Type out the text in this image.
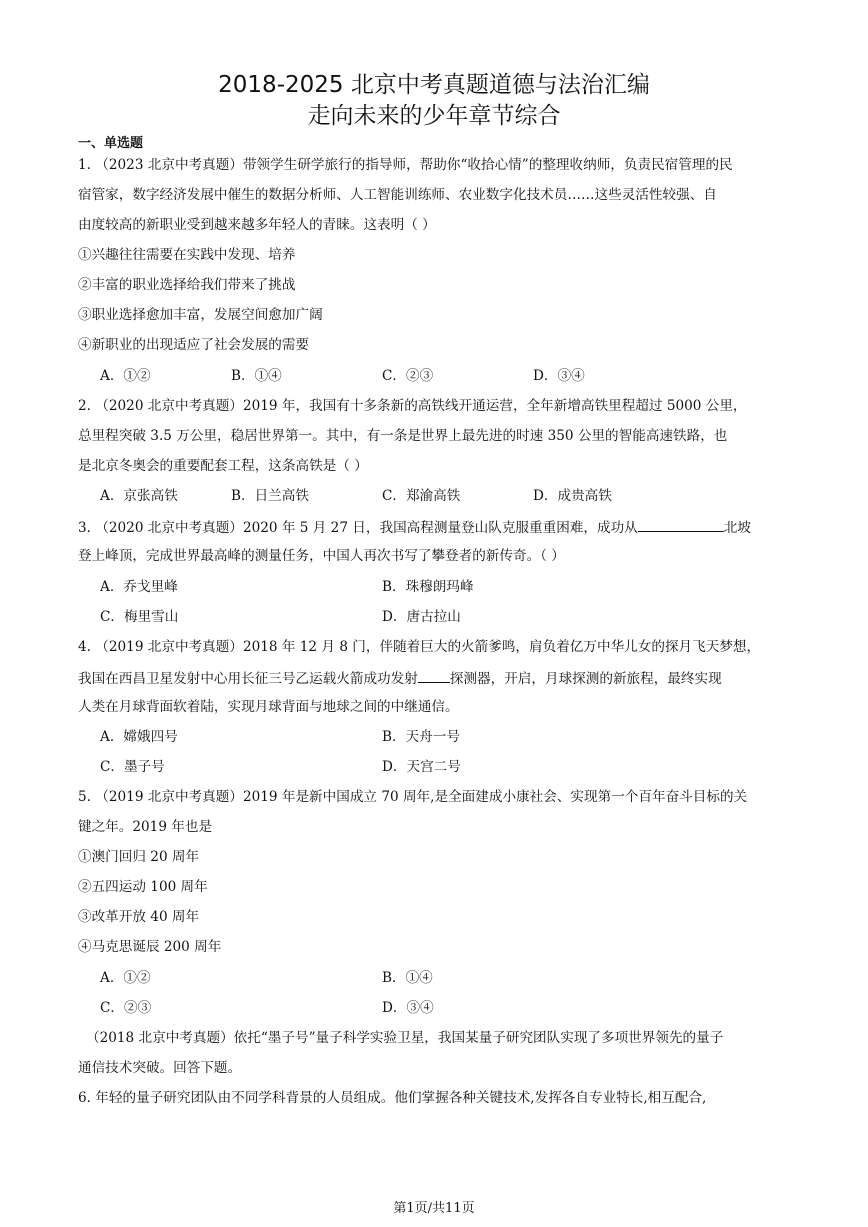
2018-2025 北京中考真题道德与法治汇编
走向未来的少年章节综合
一、单选题
1. （2023 北京中考真题）带领学生研学旅行的指导师，帮助你“收拾心情”的整理收纳师，负责民宿管理的民
宿管家，数字经济发展中催生的数据分析师、人工智能训练师、农业数字化技术员……这些灵活性较强、自
由度较高的新职业受到越来越多年轻人的青睐。这表明（ ）
①兴趣往往需要在实践中发现、培养
②丰富的职业选择给我们带来了挑战
③职业选择愈加丰富，发展空间愈加广阔
④新职业的出现适应了社会发展的需要
A．①②	B．①④	C．②③	D．③④
2. （2020 北京中考真题）2019 年，我国有十多条新的高铁线开通运营，全年新增高铁里程超过 5000 公里，
总里程突破 3.5 万公里，稳居世界第一。其中，有一条是世界上最先进的时速 350 公里的智能高速铁路，也
是北京冬奥会的重要配套工程，这条高铁是（ ）
A．京张高铁	B．日兰高铁	C．郑渝高铁	D．成贵高铁
3. （2020 北京中考真题）2020 年 5 月 27 日，我国高程测量登山队克服重重困难，成功从	北坡
登上峰顶，完成世界最高峰的测量任务，中国人再次书写了攀登者的新传奇。（ ）
A．乔戈里峰	B．珠穆朗玛峰
C．梅里雪山	D．唐古拉山
4. （2019 北京中考真题）2018 年 12 月 8 门，伴随着巨大的火箭爹鸣，肩负着亿万中华儿女的探月飞天梦想，
我国在西昌卫星发射中心用长征三号乙运载火箭成功发射 探测器，开启，月球探测的新旅程，最终实现
人类在月球背面软着陆，实现月球背面与地球之间的中继通信。
A．嫦娥四号	B．天舟一号
C．墨子号	D．天宫二号
5. （2019 北京中考真题）2019 年是新中国成立 70 周年,是全面建成小康社会、实现第一个百年奋斗目标的关
键之年。2019 年也是
①澳门回归 20 周年
②五四运动 100 周年
③改革开放 40 周年
④马克思诞辰 200 周年
A．①②	B．①④
C．②③	D．③④
（2018 北京中考真题）依托“墨子号”量子科学实验卫星，我国某量子研究团队实现了多项世界领先的量子
通信技术突破。回答下题。
6. 年轻的量子研究团队由不同学科背景的人员组成。他们掌握各种关键技术,发挥各自专业特长,相互配合,
第1页/共11页
